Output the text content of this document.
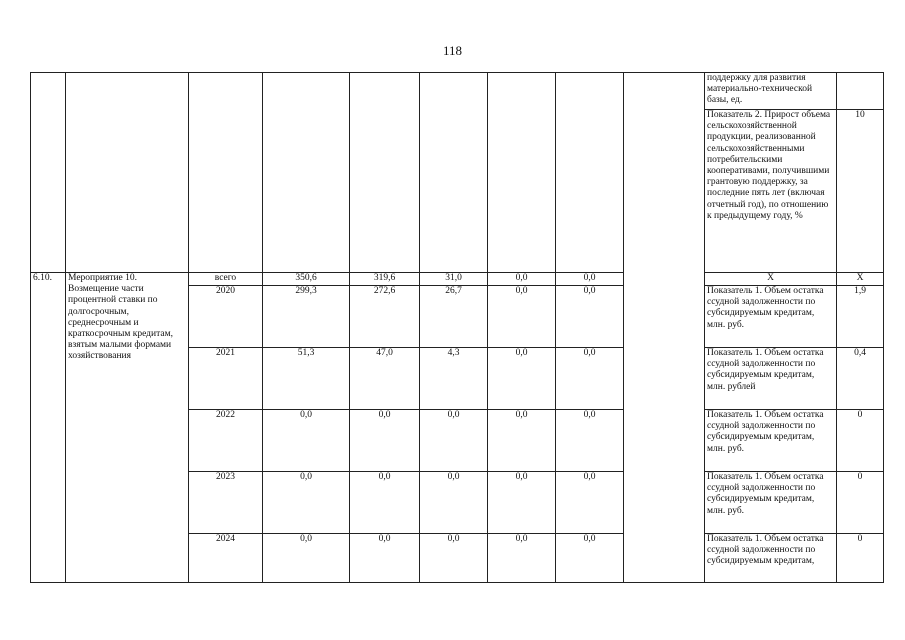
118
									поддержку для развития материально-технической базы, ед.	
									Показатель 2. Прирост объема сельскохозяйственной продукции, реализованной сельскохозяйственными потребительскими кооперативами, получившими грантовую поддержку, за последние пять лет (включая отчетный год), по отношению к предыдущему году, %	10
6.10.	Мероприятие 10. Возмещение части процентной ставки по долгосрочным, среднесрочным и краткосрочным кредитам, взятым малыми формами хозяйствования	всего	350,6	319,6	31,0	0,0	0,0		X	X
		2020	299,3	272,6	26,7	0,0	0,0		Показатель 1. Объем остатка ссудной задолженности по субсидируемым кредитам, млн. руб.	1,9
		2021	51,3	47,0	4,3	0,0	0,0		Показатель 1. Объем остатка ссудной задолженности по субсидируемым кредитам, млн. рублей	0,4
		2022	0,0	0,0	0,0	0,0	0,0		Показатель 1. Объем остатка ссудной задолженности по субсидируемым кредитам, млн. руб.	0
		2023	0,0	0,0	0,0	0,0	0,0		Показатель 1. Объем остатка ссудной задолженности по субсидируемым кредитам, млн. руб.	0
		2024	0,0	0,0	0,0	0,0	0,0		Показатель 1. Объем остатка ссудной задолженности по субсидируемым кредитам,	0
